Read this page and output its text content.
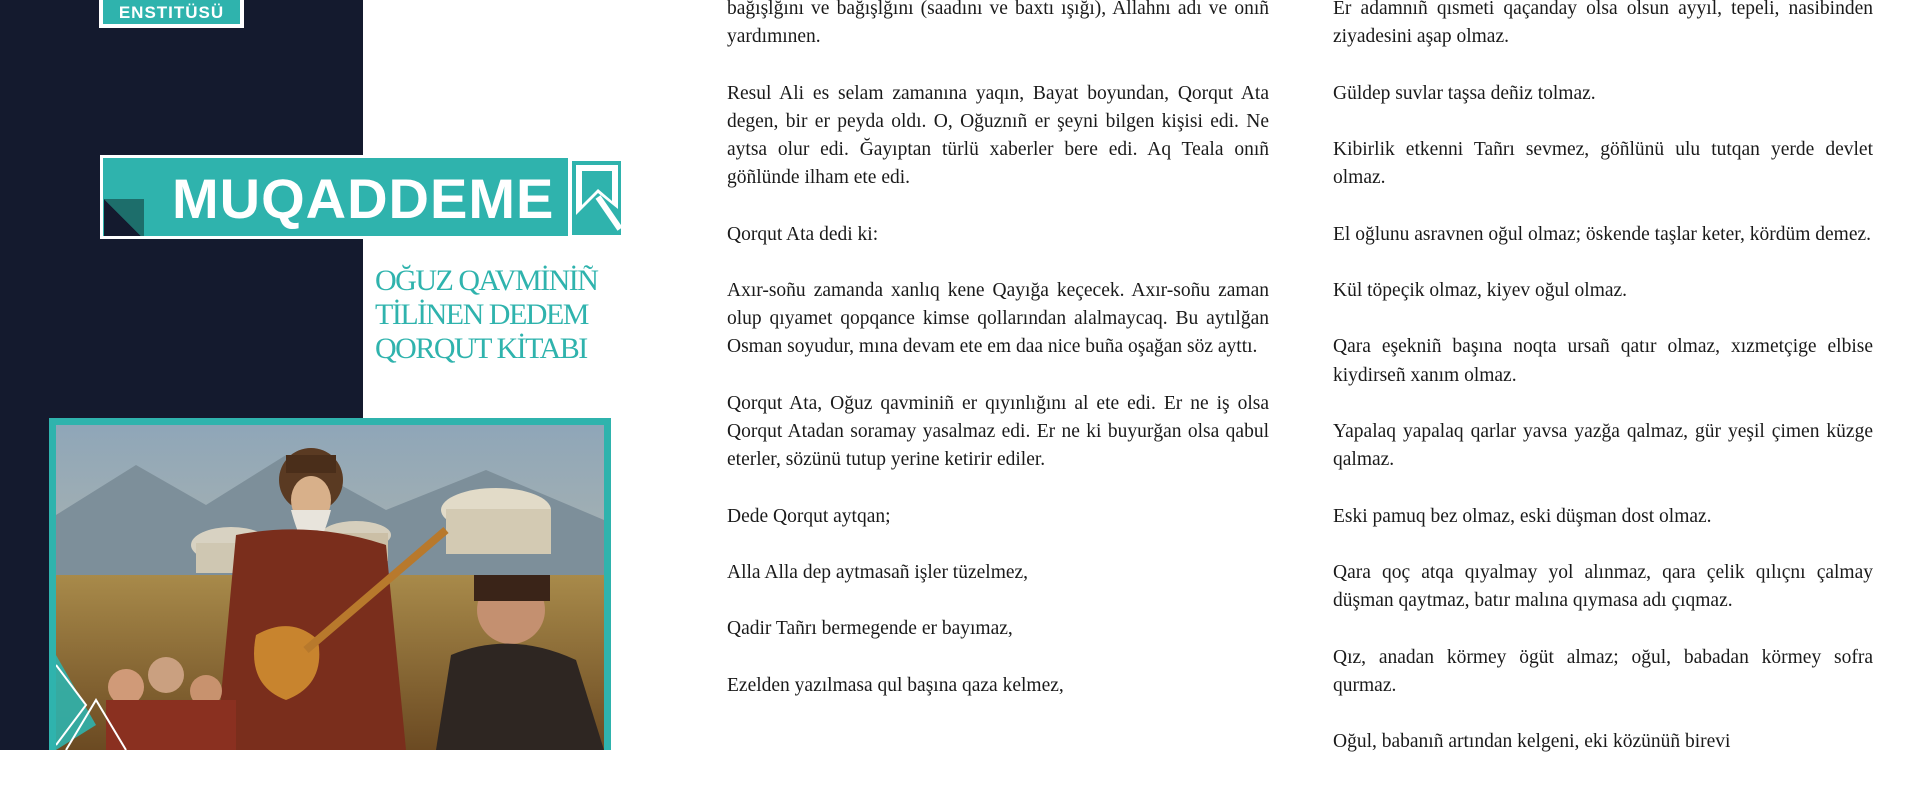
ENSTITÜSÜ
MUQADDEME
OĞUZ QAVMİNİÑ
TİLİNEN DEDEM
QORQUT KİTABI

bağışlğını ve bağışlğını (saadını ve baxtı ışığı), Allahnı adı ve onıñ yardımınen.

Resul Ali es selam zamanına yaqın, Bayat boyundan, Qorqut Ata degen, bir er peyda oldı. O, Oğuznıñ er şeyni bilgen kişisi edi. Ne aytsa olur edi. Ğayıptan türlü xaberler bere edi. Aq Teala onıñ göñlünde ilham ete edi.

Qorqut Ata dedi ki:

Axır-soñu zamanda xanlıq kene Qayığa keçecek. Axır-soñu zaman olup qıyamet qopqance kimse qollarından alalmaycaq. Bu aytılğan Osman soyudur, mına devam ete em daa nice buña oşağan söz ayttı.

Qorqut Ata, Oğuz qavminiñ er qıyınlığını al ete edi. Er ne iş olsa Qorqut Atadan soramay yasalmaz edi. Er ne ki buyurğan olsa qabul eterler, sözünü tutup yerine ketirir ediler.

Dede Qorqut aytqan;

Alla Alla dep aytmasañ işler tüzelmez,

Qadir Tañrı bermegende er bayımaz,

Ezelden yazılmasa qul başına qaza kelmez,

Er adamnıñ qısmeti qaçanday olsa olsun ayyıl, tepeli, nasibinden ziyadesini aşap olmaz.

Güldep suvlar taşsa deñiz tolmaz.

Kibirlik etkenni Tañrı sevmez, göñlünü ulu tutqan yerde devlet olmaz.

El oğlunu asravnen oğul olmaz; öskende taşlar keter, kördüm demez.

Kül töpeçik olmaz, kiyev oğul olmaz.

Qara eşekniñ başına noqta ursañ qatır olmaz, xızmetçige elbise kiydirseñ xanım olmaz.

Yapalaq yapalaq qarlar yavsa yazğa qalmaz, gür yeşil çimen küzge qalmaz.

Eski pamuq bez olmaz, eski düşman dost olmaz.

Qara qoç atqa qıyalmay yol alınmaz, qara çelik qılıçnı çalmay düşman qaytmaz, batır malına qıymasa adı çıqmaz.

Qız, anadan körmey ögüt almaz; oğul, babadan körmey sofra qurmaz.

Oğul, babanıñ artından kelgeni, eki közünüñ birevi
